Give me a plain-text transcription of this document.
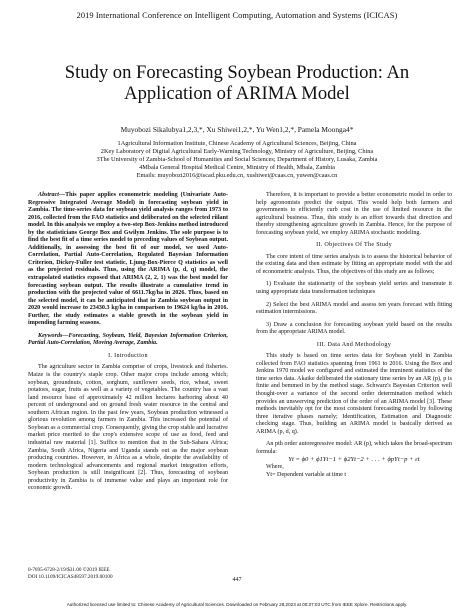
2019 International Conference on Intelligent Computing, Automation and Systems (ICICAS)
Study on Forecasting Soybean Production: An
Application of ARIMA Model
Muyobozi Sikalubya1,2,3,*, Xu Shiwei1,2,*, Yu Wen1,2,*, Pamela Moonga4*
1Agricultural Information Institute, Chinese Academy of Agricultural Sciences, Beijing, China
2Key Laboratory of Digital Agricultural Early-Warning Technology, Ministry of Agriculture, Beijing, China
3The University of Zambia-School of Humanities and Social Sciences; Department of History, Lusaka, Zambia
4Mbala General Hospital Medical Centre, Ministry of Health, Mbala, Zambia
Emails: muyobozi2016@iscad.pku.edu.cn, xushiwei@caas.cn, yuwen@caas.cn

Abstract—This paper applies econometric modeling (Univariate Auto-Regressive Integrated Average Model) in forecasting soybean yield in Zambia. The time-series data for soybean yield analysis ranges from 1973 to 2016, collected from the FAO statistics and deliberated on the selected riilant model. In this analysis we employ a two-step Box-Jenkins method introduced by the statisticians George Box and Gwilym Jenkins. The sole purpose is to find the best fit of a time series model to preceding values of Soybean output. Additionally, in assessing the best fit of our model, we used Auto-Correlation, Partial Auto-Correlation, Regulated Bayesian Information Criterion, Dickey-Fuller test statistic, Ljung-Box-Pierce Q statistics as well as the projected residuals. Thus, using the ARIMA (p, d, q) model, the extrapolated statistics exposed that ARIMA (2, 2, 1) was the best model for forecasting soybean output. The results illustrate a cumulative trend in production with the projected value of 6611.7kg/ha in 2026. Thus, based on the selected model, it can be anticipated that in Zambia soybean output in 2020 would increase to 23430.3 kg/ha in comparison to 19624 kg/ha in 2016. Further, the study estimates a stable growth in the soybean yield in impending farming seasons.

Keywords—Forecasting, Soybean, Yield, Bayesian Information Criterion, Partial Auto-Correlation, Moving Average, Zambia.

I. Introduction

The agriculture sector in Zambia comprise of crops, livestock and fisheries. Maize is the country's staple crop. Other major crops include among which; soybean, groundnuts, cotton, sorghum, sunflower seeds, rice, wheat, sweet potatoes, sugar, fruits as well as a variety of vegetables. The country has a vast land resource base of approximately 42 million hectares harboring about 40 percent of underground and on ground fresh water resource in the central and southern African region. In the past few years, Soybean production witnessed a glorious revolution among farmers in Zambia. This increased the potential of Soybean as a commercial crop. Consequently, giving the crop stable and lucrative market price merited to the crop's extensive scope of use as food, feed and industrial raw material [1]. Suffice to mention that in the Sub-Sahara Africa; Zambia, South Africa, Nigeria and Uganda stands out as the major soybean producing countries. However, in Africa as a whole, despite the availability of modern technological advancements and regional market integration efforts, Soybean production is still insignificant [2]. Thus, forecasting of soybean productivity in Zambia is of immense value and plays an important role for economic growth.

Therefore, it is important to provide a better econometric model in order to help agronomists predict the output. This would help both farmers and governments to efficiently curb cost in the use of limited resource in the agricultural business. Thus, this study is an effort towards that direction and thereby strengthening agriculture growth in Zambia. Hence, for the purpose of forecasting soybean yield, we employ ARIMA stochastic modeling.

II. Objectives Of The Study

The core intent of time series analysis is to assess the historical behavior of the existing data and then estimate by fitting an appropriate model with the aid of econometric analysis. Thus, the objectives of this study are as follows;

1) Evaluate the stationarity of the soybean yield series and transmute it using appropriate data transformation techniques

2) Select the best ARIMA model and assess ten years forecast with fitting estimation intermissions.

3) Draw a conclusion for forecasting soybean yield based on the results from the appropriate ARIMA model.

III. Data And Methodology

This study is based on time series data for Soybean yield in Zambia collected from FAO statistics spanning from 1961 to 2016. Using the Box and Jenkins 1970 model we configured and estimated the imminent statistics of the time series data. Akaike deliberated the stationary time series by an AR (p), p is finite and bemmed in by the method stage. Schwarz's Bayesian Criterion well thought-over a variance of the second order determination method which provides an unswerving prediction of the order of an ARIMA model [3]. These methods inevitably opt for the most consistent forecasting model by following three iterative phases namely; Identification, Estimation and Diagnostic checking stage. Thus, building an ARIMA model is basically derived as ARIMA (p, d, q).

An pth order autoregressive model: AR (p), which takes the broad-spectrum formula:

Yt = ϕ0 + ϕ1Yt−1 + ϕ2Yt−2 + . . . + ϕpYt−p + εt

Where,

Yt= Dependent variable at time t

0-7695-6728-2/19/$31.00 ©2019 IEEE
DOI 10.1109/ICICAS48597.2019.00100	447
Authorized licensed use limited to: Chinese Academy of Agricultural Sciences. Downloaded on February 28,2023 at 00:37:03 UTC from IEEE Xplore. Restrictions apply.
